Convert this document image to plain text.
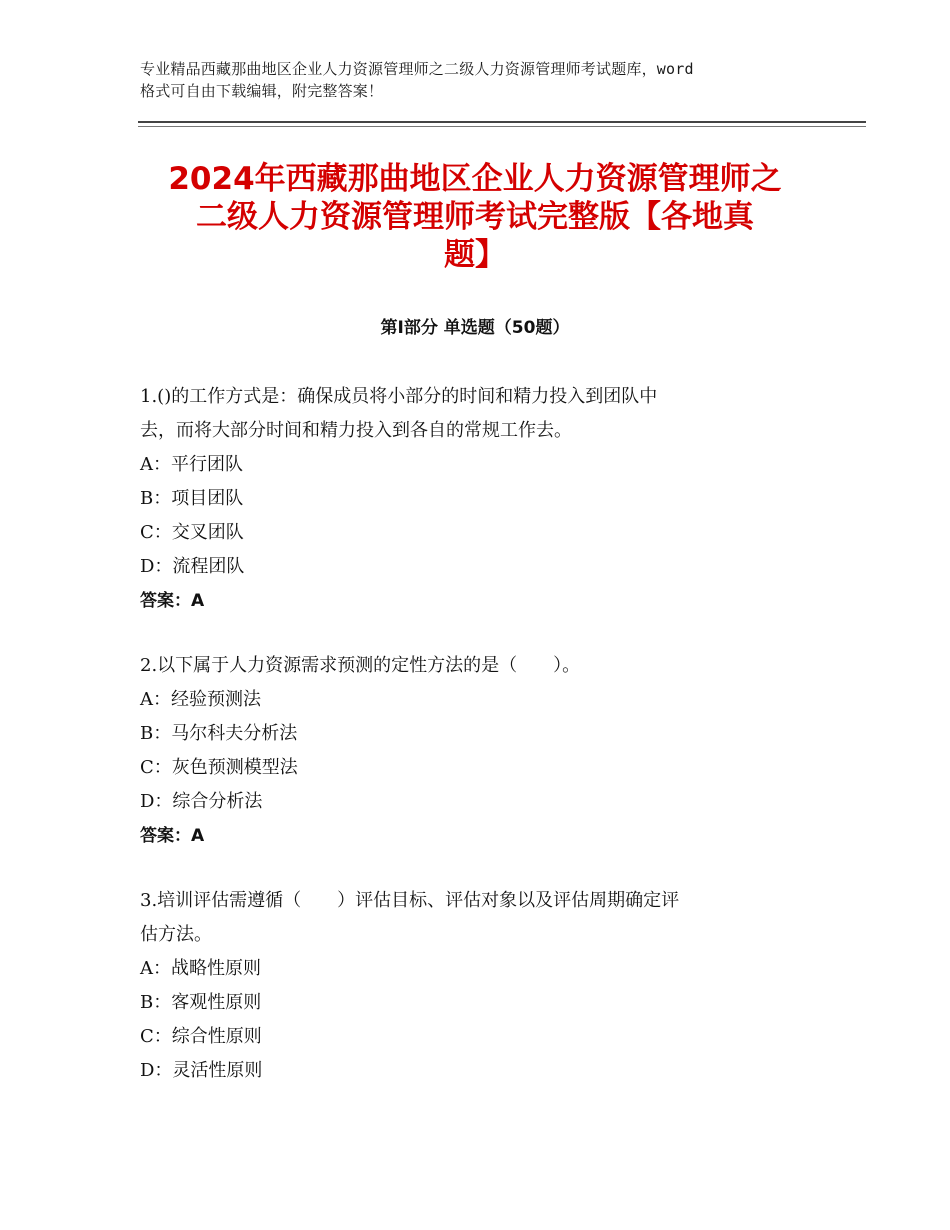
专业精品西藏那曲地区企业人力资源管理师之二级人力资源管理师考试题库，word
格式可自由下载编辑，附完整答案！
2024年西藏那曲地区企业人力资源管理师之
二级人力资源管理师考试完整版【各地真
题】
第Ⅰ部分 单选题（50题）
1.()的工作方式是：确保成员将小部分的时间和精力投入到团队中
去，而将大部分时间和精力投入到各自的常规工作去。
A：平行团队
B：项目团队
C：交叉团队
D：流程团队
答案：A
2.以下属于人力资源需求预测的定性方法的是（　　）。
A：经验预测法
B：马尔科夫分析法
C：灰色预测模型法
D：综合分析法
答案：A
3.培训评估需遵循（　　）评估目标、评估对象以及评估周期确定评
估方法。
A：战略性原则
B：客观性原则
C：综合性原则
D：灵活性原则
